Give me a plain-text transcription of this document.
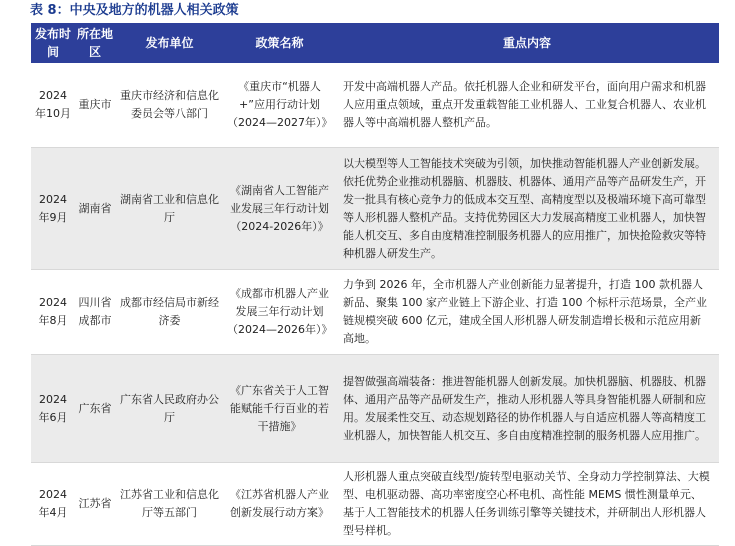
表 8：中央及地方的机器人相关政策
发布时间	所在地区	发布单位	政策名称	重点内容
2024年10月	重庆市	重庆市经济和信息化委员会等八部门	《重庆市“机器人+”应用行动计划（2024—2027年）》	开发中高端机器人产品。依托机器人企业和研发平台，面向用户需求和机器人应用重点领域，重点开发重载智能工业机器人、工业复合机器人、农业机器人等中高端机器人整机产品。
2024年9月	湖南省	湖南省工业和信息化厅	《湖南省人工智能产业发展三年行动计划（2024-2026年）》	以大模型等人工智能技术突破为引领，加快推动智能机器人产业创新发展。依托优势企业推动机器脑、机器肢、机器体、通用产品等产品研发生产，开发一批具有核心竞争力的低成本交互型、高精度型以及极端环境下高可靠型等人形机器人整机产品。支持优势园区大力发展高精度工业机器人，加快智能人机交互、多自由度精准控制服务机器人的应用推广，加快抢险救灾等特种机器人研发生产。
2024年8月	四川省成都市	成都市经信局市新经济委	《成都市机器人产业发展三年行动计划（2024—2026年）》	力争到 2026 年，全市机器人产业创新能力显著提升，打造 100 款机器人新品、聚集 100 家产业链上下游企业、打造 100 个标杆示范场景，全产业链规模突破 600 亿元，建成全国人形机器人研发制造增长极和示范应用新高地。
2024年6月	广东省	广东省人民政府办公厅	《广东省关于人工智能赋能千行百业的若干措施》	提智做强高端装备：推进智能机器人创新发展。加快机器脑、机器肢、机器体、通用产品等产品研发生产，推动人形机器人等具身智能机器人研制和应用。发展柔性交互、动态规划路径的协作机器人与自适应机器人等高精度工业机器人，加快智能人机交互、多自由度精准控制的服务机器人应用推广。
2024年4月	江苏省	江苏省工业和信息化厅等五部门	《江苏省机器人产业创新发展行动方案》	人形机器人重点突破直线型/旋转型电驱动关节、全身动力学控制算法、大模型、电机驱动器、高功率密度空心杯电机、高性能 MEMS 惯性测量单元、基于人工智能技术的机器人任务训练引擎等关键技术，并研制出人形机器人型号样机。
